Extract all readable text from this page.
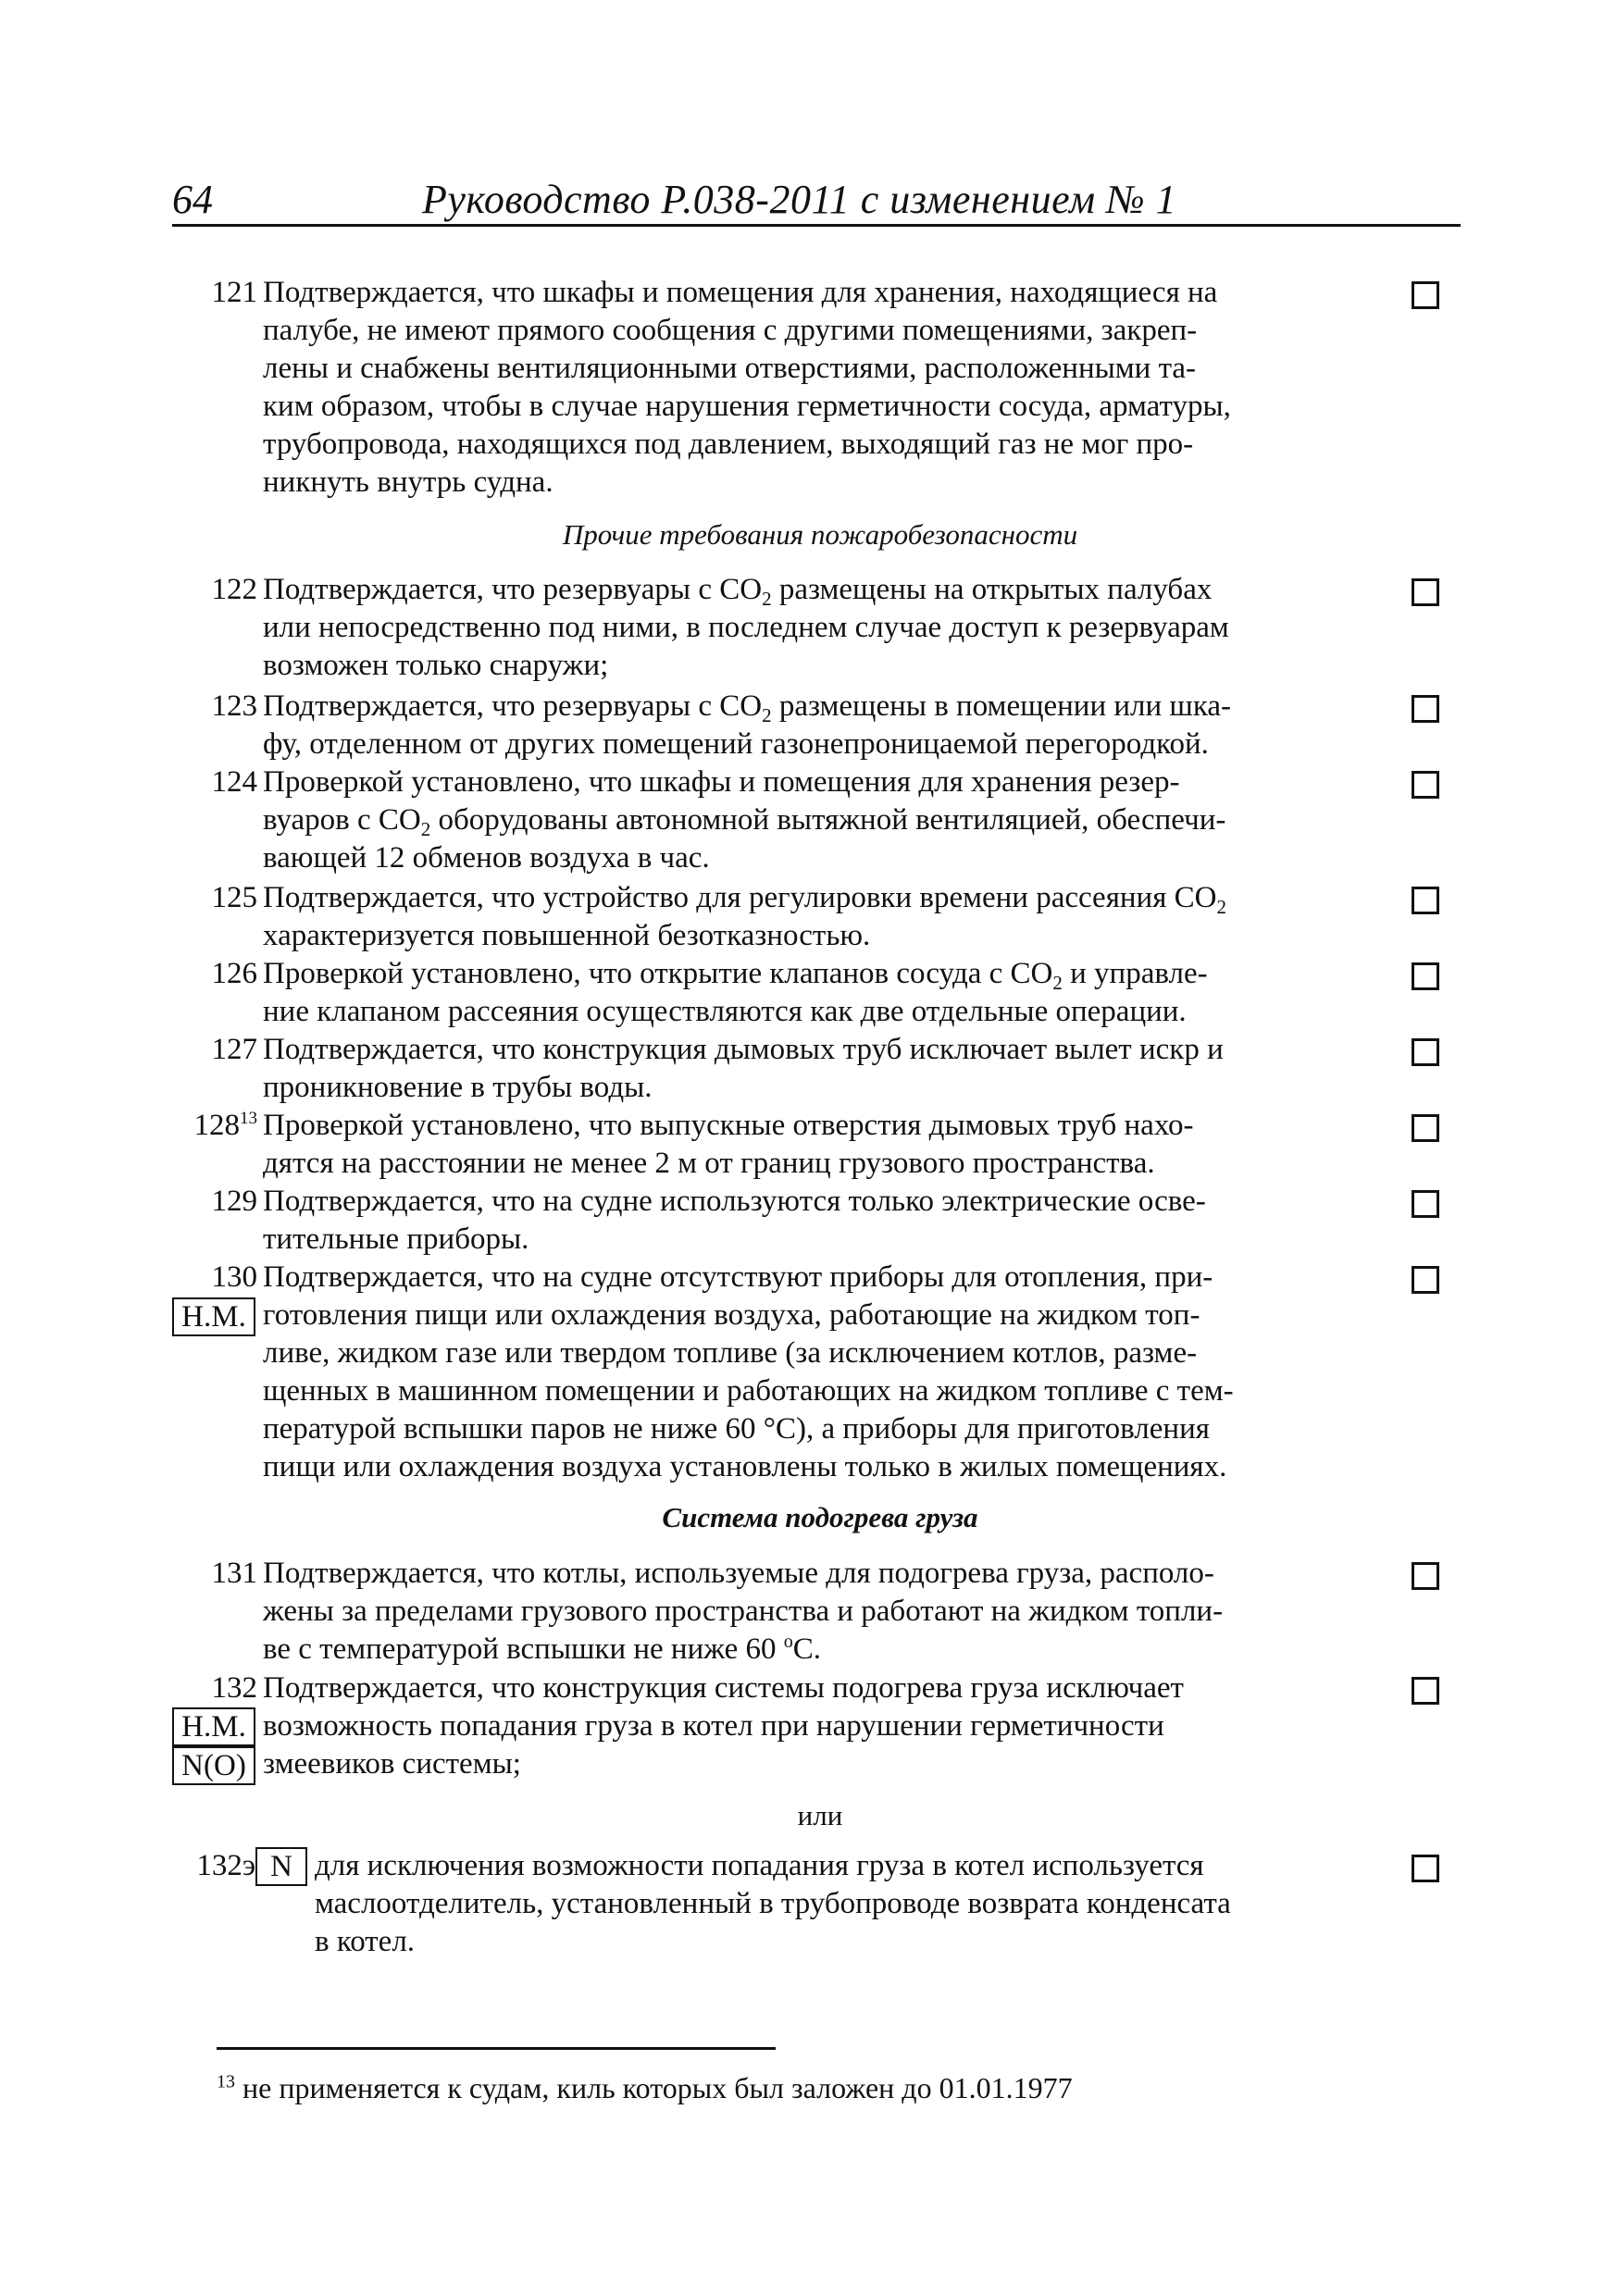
64	Руководство Р.038-2011 с изменением № 1
121 Подтверждается, что шкафы и помещения для хранения, находящиеся на
палубе, не имеют прямого сообщения с другими помещениями, закреп-
лены и снабжены вентиляционными отверстиями, расположенными та-
ким образом, чтобы в случае нарушения герметичности сосуда, арматуры,
трубопровода, находящихся под давлением, выходящий газ не мог про-
никнуть внутрь судна.
Прочие требования пожаробезопасности
122 Подтверждается, что резервуары с $CO_2$ размещены на открытых палубах
или непосредственно под ними, в последнем случае доступ к резервуарам
возможен только снаружи;
123 Подтверждается, что резервуары с $CO_2$ размещены в помещении или шка-
фу, отделенном от других помещений газонепроницаемой перегородкой.
124 Проверкой установлено, что шкафы и помещения для хранения резер-
вуаров с $CO_2$ оборудованы автономной вытяжной вентиляцией, обеспечи-
вающей 12 обменов воздуха в час.
125 Подтверждается, что устройство для регулировки времени рассеяния $CO_2$
характеризуется повышенной безотказностью.
126 Проверкой установлено, что открытие клапанов сосуда с $CO_2$ и управле-
ние клапаном рассеяния осуществляются как две отдельные операции.
127 Подтверждается, что конструкция дымовых труб исключает вылет искр и
проникновение в трубы воды.
$128^{13}$ Проверкой установлено, что выпускные отверстия дымовых труб нахо-
дятся на расстоянии не менее 2 м от границ грузового пространства.
129 Подтверждается, что на судне используются только электрические осве-
тительные приборы.
130 Подтверждается, что на судне отсутствуют приборы для отопления, при-
готовления пищи или охлаждения воздуха, работающие на жидком топ-
ливе, жидком газе или твердом топливе (за исключением котлов, разме-
щенных в машинном помещении и работающих на жидком топливе с тем-
пературой вспышки паров не ниже 60 °С), а приборы для приготовления
пищи или охлаждения воздуха установлены только в жилых помещениях.
Н.М.
Система подогрева груза
131 Подтверждается, что котлы, используемые для подогрева груза, располо-
жены за пределами грузового пространства и работают на жидком топли-
ве с температурой вспышки не ниже 60 $^о$С.
132 Подтверждается, что конструкция системы подогрева груза исключает
возможность попадания груза в котел при нарушении герметичности
змеевиков системы;
Н.М.
N(O)
или
132э для исключения возможности попадания груза в котел используется
маслоотделитель, установленный в трубопроводе возврата конденсата
в котел.
N
$^{13}$ не применяется к судам, киль которых был заложен до 01.01.1977
